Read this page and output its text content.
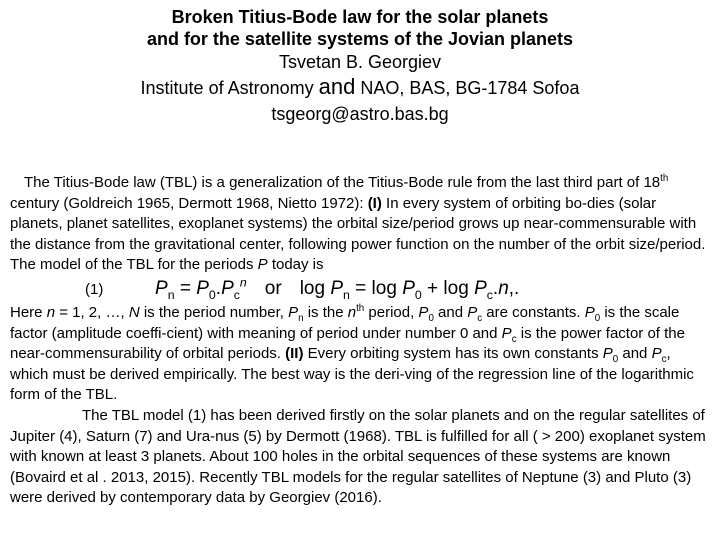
Broken Titius-Bode law for the solar planets
and for the satellite systems of the Jovian planets
Tsvetan B. Georgiev
Institute of Astronomy and NAO, BAS, BG-1784 Sofoa
tsgeorg@astro.bas.bg

The Titius-Bode law (TBL) is a generalization of the Titius-Bode rule from the last third part of 18th century (Goldreich 1965, Dermott 1968, Nietto 1972): (I) In every system of orbiting bo-dies (solar planets, planet satellites, exoplanet systems) the orbital size/period grows up near-commensurable with the distance from the gravitational center, following power function on the number of the orbit size/period. The model of the TBL for the periods P today is

(1)	$P_n = P_0.P_c^n$ or $\log P_n = \log P_0 + \log P_c.n$,.

Here n = 1, 2, …, N is the period number, $P_n$ is the $n^{th}$ period, $P_0$ and $P_c$ are constants. $P_0$ is the scale factor (amplitude coeffi-cient) with meaning of period under number 0 and $P_c$ is the power factor of the near-commensurability of orbital periods. (II) Every orbiting system has its own constants $P_0$ and $P_c$, which must be derived empirically. The best way is the deri-ving of the regression line of the logarithmic form of the TBL.

The TBL model (1) has been derived firstly on the solar planets and on the regular satellites of Jupiter (4), Saturn (7) and Ura-nus (5) by Dermott (1968). TBL is fulfilled for all ( > 200) exoplanet system with known at least 3 planets. About 100 holes in the orbital sequences of these systems are known (Bovaird et al . 2013, 2015). Recently TBL models for the regular satellites of Neptune (3) and Pluto (3) were derived by contemporary data by Georgiev (2016).
